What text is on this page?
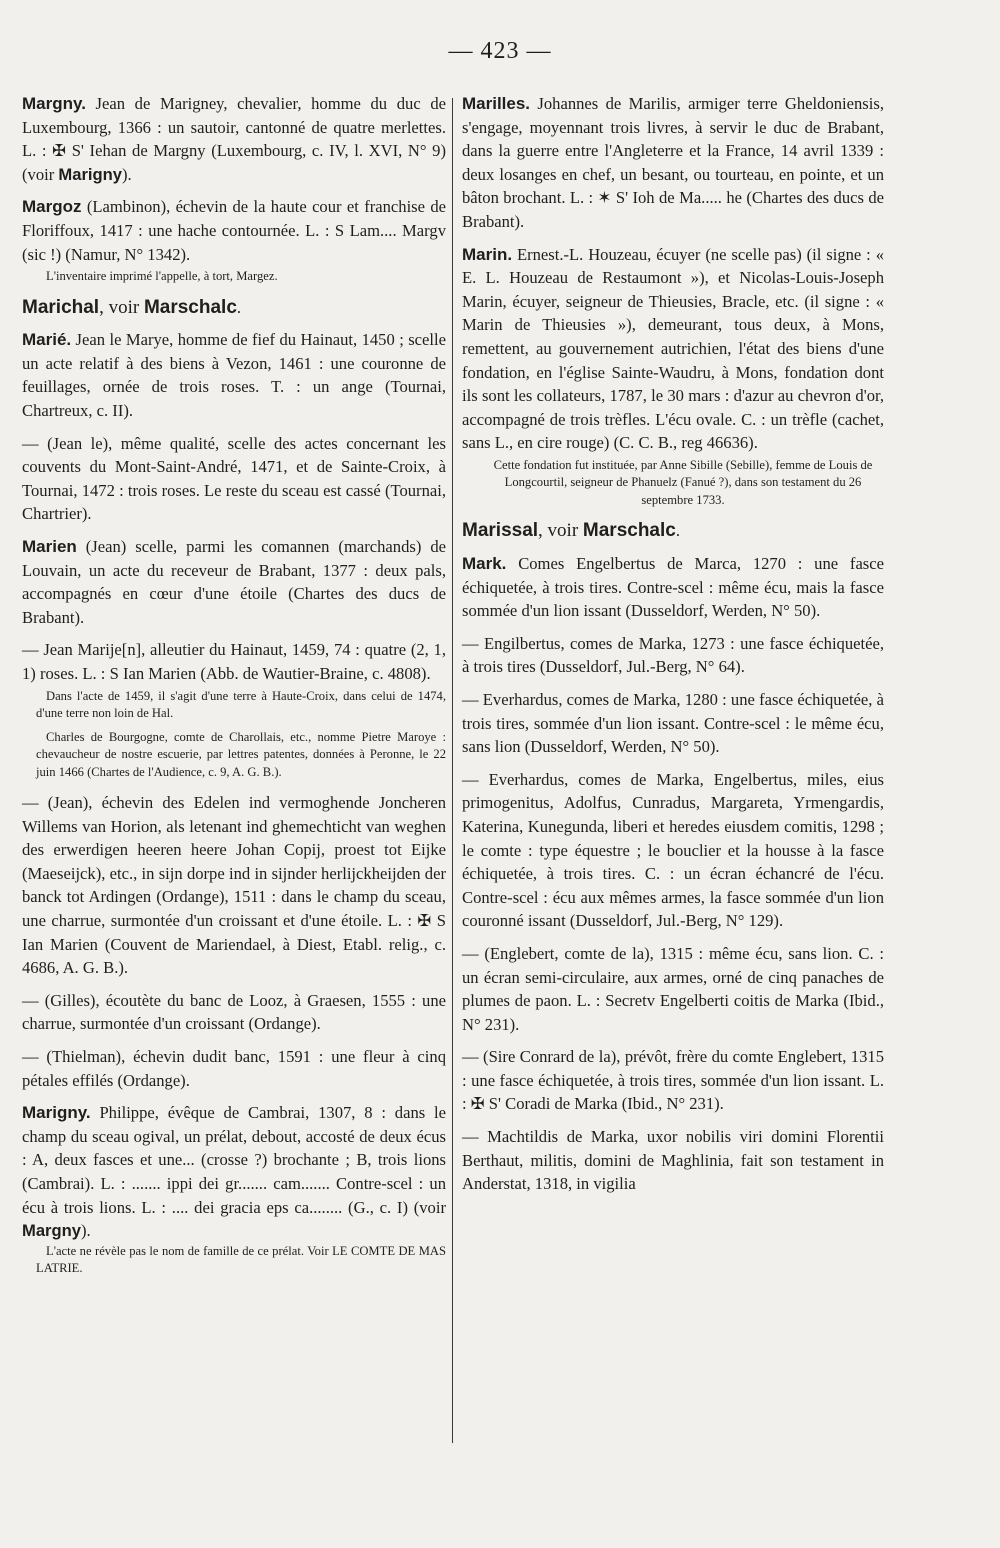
— 423 —

Margny. Jean de Marigney, chevalier, homme du duc de Luxembourg, 1366 : un sautoir, cantonné de quatre merlettes. L. : ✠ S' Iehan de Margny (Luxembourg, c. IV, l. XVI, N° 9) (voir Marigny).

Margoz (Lambinon), échevin de la haute cour et franchise de Floriffoux, 1417 : une hache contournée. L. : S Lam.... Margv (sic !) (Namur, N° 1342).

L'inventaire imprimé l'appelle, à tort, Margez.

Marichal, voir Marschalc.

Marié. Jean le Marye, homme de fief du Hainaut, 1450 ; scelle un acte relatif à des biens à Vezon, 1461 : une couronne de feuillages, ornée de trois roses. T. : un ange (Tournai, Chartreux, c. II).

— (Jean le), même qualité, scelle des actes concernant les couvents du Mont-Saint-André, 1471, et de Sainte-Croix, à Tournai, 1472 : trois roses. Le reste du sceau est cassé (Tournai, Chartrier).

Marien (Jean) scelle, parmi les comannen (marchands) de Louvain, un acte du receveur de Brabant, 1377 : deux pals, accompagnés en cœur d'une étoile (Chartes des ducs de Brabant).

— Jean Marije[n], alleutier du Hainaut, 1459, 74 : quatre (2, 1, 1) roses. L. : S Ian Marien (Abb. de Wautier-Braine, c. 4808).

Dans l'acte de 1459, il s'agit d'une terre à Haute-Croix, dans celui de 1474, d'une terre non loin de Hal.
Charles de Bourgogne, comte de Charollais, etc., nomme Pietre Maroye : chevaucheur de nostre escuerie, par lettres patentes, données à Peronne, le 22 juin 1466 (Chartes de l'Audience, c. 9, A. G. B.).

— (Jean), échevin des Edelen ind vermoghende Joncheren Willems van Horion, als letenant ind ghemechticht van weghen des erwerdigen heeren heere Johan Copij, proest tot Eijke (Maeseijck), etc., in sijn dorpe ind in sijnder herlijckheijden der banck tot Ardingen (Ordange), 1511 : dans le champ du sceau, une charrue, surmontée d'un croissant et d'une étoile. L. : ✠ S Ian Marien (Couvent de Mariendael, à Diest, Etabl. relig., c. 4686, A. G. B.).

— (Gilles), écoutète du banc de Looz, à Graesen, 1555 : une charrue, surmontée d'un croissant (Ordange).

— (Thielman), échevin dudit banc, 1591 : une fleur à cinq pétales effilés (Ordange).

Marigny. Philippe, évêque de Cambrai, 1307, 8 : dans le champ du sceau ogival, un prélat, debout, accosté de deux écus : A, deux fasces et une... (crosse ?) brochante ; B, trois lions (Cambrai). L. : ....... ippi dei gr....... cam....... Contre-scel : un écu à trois lions. L. : .... dei gracia eps ca........ (G., c. I) (voir Margny).

L'acte ne révèle pas le nom de famille de ce prélat. Voir LE COMTE DE MAS LATRIE.

Marilles. Johannes de Marilis, armiger terre Gheldoniensis, s'engage, moyennant trois livres, à servir le duc de Brabant, dans la guerre entre l'Angleterre et la France, 14 avril 1339 : deux losanges en chef, un besant, ou tourteau, en pointe, et un bâton brochant. L. : ✶ S' Ioh de Ma..... he (Chartes des ducs de Brabant).

Marin. Ernest.-L. Houzeau, écuyer (ne scelle pas) (il signe : « E. L. Houzeau de Restaumont »), et Nicolas-Louis-Joseph Marin, écuyer, seigneur de Thieusies, Bracle, etc. (il signe : « Marin de Thieusies »), demeurant, tous deux, à Mons, remettent, au gouvernement autrichien, l'état des biens d'une fondation, en l'église Sainte-Waudru, à Mons, fondation dont ils sont les collateurs, 1787, le 30 mars : d'azur au chevron d'or, accompagné de trois trèfles. L'écu ovale. C. : un trèfle (cachet, sans L., en cire rouge) (C. C. B., reg 46636).

Cette fondation fut instituée, par Anne Sibille (Sebille), femme de Louis de Longcourtil, seigneur de Phanuelz (Fanué ?), dans son testament du 26 septembre 1733.

Marissal, voir Marschalc.

Mark. Comes Engelbertus de Marca, 1270 : une fasce échiquetée, à trois tires. Contre-scel : même écu, mais la fasce sommée d'un lion issant (Dusseldorf, Werden, N° 50).

— Engilbertus, comes de Marka, 1273 : une fasce échiquetée, à trois tires (Dusseldorf, Jul.-Berg, N° 64).

— Everhardus, comes de Marka, 1280 : une fasce échiquetée, à trois tires, sommée d'un lion issant. Contre-scel : le même écu, sans lion (Dusseldorf, Werden, N° 50).

— Everhardus, comes de Marka, Engelbertus, miles, eius primogenitus, Adolfus, Cunradus, Margareta, Yrmengardis, Katerina, Kunegunda, liberi et heredes eiusdem comitis, 1298 ; le comte : type équestre ; le bouclier et la housse à la fasce échiquetée, à trois tires. C. : un écran échancré de l'écu. Contre-scel : écu aux mêmes armes, la fasce sommée d'un lion couronné issant (Dusseldorf, Jul.-Berg, N° 129).

— (Englebert, comte de la), 1315 : même écu, sans lion. C. : un écran semi-circulaire, aux armes, orné de cinq panaches de plumes de paon. L. : Secretv Engelberti coitis de Marka (Ibid., N° 231).

— (Sire Conrard de la), prévôt, frère du comte Englebert, 1315 : une fasce échiquetée, à trois tires, sommée d'un lion issant. L. : ✠ S' Coradi de Marka (Ibid., N° 231).

— Machtildis de Marka, uxor nobilis viri domini Florentii Berthaut, militis, domini de Maghlinia, fait son testament in Anderstat, 1318, in vigilia
